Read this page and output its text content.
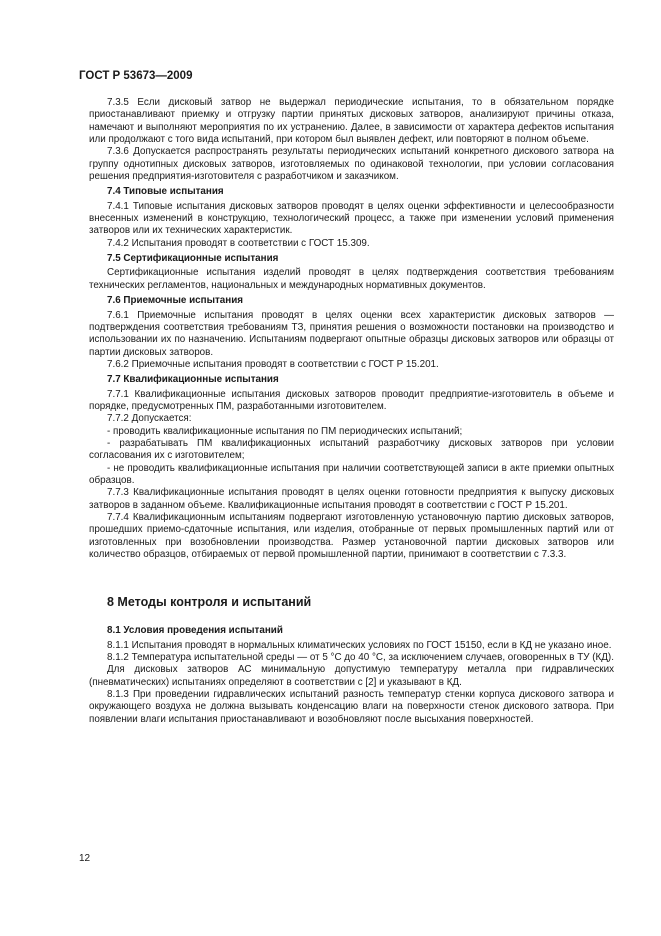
ГОСТ Р 53673—2009

7.3.5 Если дисковый затвор не выдержал периодические испытания, то в обязательном порядке приостанавливают приемку и отгрузку партии принятых дисковых затворов, анализируют причины отказа, намечают и выполняют мероприятия по их устранению. Далее, в зависимости от характера дефектов испытания или продолжают с того вида испытаний, при котором был выявлен дефект, или повторяют в полном объеме.

7.3.6 Допускается распространять результаты периодических испытаний конкретного дискового затвора на группу однотипных дисковых затворов, изготовляемых по одинаковой технологии, при условии согласования решения предприятия-изготовителя с разработчиком и заказчиком.

7.4 Типовые испытания

7.4.1 Типовые испытания дисковых затворов проводят в целях оценки эффективности и целесообразности внесенных изменений в конструкцию, технологический процесс, а также при изменении условий применения затворов или их технических характеристик.

7.4.2 Испытания проводят в соответствии с ГОСТ 15.309.

7.5 Сертификационные испытания

Сертификационные испытания изделий проводят в целях подтверждения соответствия требованиям технических регламентов, национальных и международных нормативных документов.

7.6 Приемочные испытания

7.6.1 Приемочные испытания проводят в целях оценки всех характеристик дисковых затворов — подтверждения соответствия требованиям ТЗ, принятия решения о возможности постановки на производство и использовании их по назначению. Испытаниям подвергают опытные образцы дисковых затворов или образцы от партии дисковых затворов.

7.6.2 Приемочные испытания проводят в соответствии с ГОСТ Р 15.201.

7.7 Квалификационные испытания

7.7.1 Квалификационные испытания дисковых затворов проводит предприятие-изготовитель в объеме и порядке, предусмотренных ПМ, разработанными изготовителем.

7.7.2 Допускается:

- проводить квалификационные испытания по ПМ периодических испытаний;

- разрабатывать ПМ квалификационных испытаний разработчику дисковых затворов при условии согласования их с изготовителем;

- не проводить квалификационные испытания при наличии соответствующей записи в акте приемки опытных образцов.

7.7.3 Квалификационные испытания проводят в целях оценки готовности предприятия к выпуску дисковых затворов в заданном объеме. Квалификационные испытания проводят в соответствии с ГОСТ Р 15.201.

7.7.4 Квалификационным испытаниям подвергают изготовленную установочную партию дисковых затворов, прошедших приемо-сдаточные испытания, или изделия, отобранные от первых промышленных партий или от изготовленных при возобновлении производства. Размер установочной партии дисковых затворов или количество образцов, отбираемых от первой промышленной партии, принимают в соответствии с 7.3.3.

8 Методы контроля и испытаний
8.1 Условия проведения испытаний

8.1.1 Испытания проводят в нормальных климатических условиях по ГОСТ 15150, если в КД не указано иное.

8.1.2 Температура испытательной среды — от 5 °С до 40 °С, за исключением случаев, оговоренных в ТУ (КД).

Для дисковых затворов АС минимальную допустимую температуру металла при гидравлических (пневматических) испытаниях определяют в соответствии с [2] и указывают в КД.

8.1.3 При проведении гидравлических испытаний разность температур стенки корпуса дискового затвора и окружающего воздуха не должна вызывать конденсацию влаги на поверхности стенок дискового затвора. При появлении влаги испытания приостанавливают и возобновляют после высыхания поверхностей.

12
